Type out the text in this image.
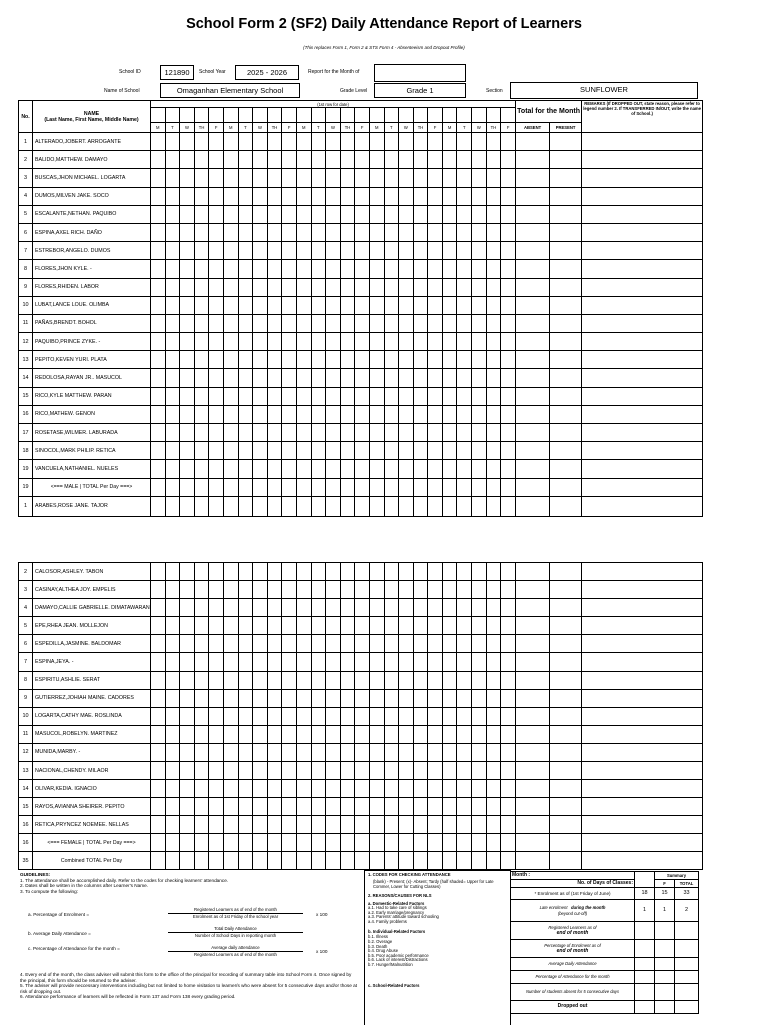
School Form 2 (SF2) Daily Attendance Report of Learners
(This replaces Form 1, Form 2 & STS Form 4 - Absenteeism and Dropout Profile)
School ID	121890	School Year	2025 - 2026	Report for the Month of
Name of School	Omaganhan Elementary School	Grade Level	Grade 1	Section	SUNFLOWER
No.	NAME
(Last Name, First Name, Middle Name)	(1st row for date)																									Total for the Month		REMARKS (If DROPPED OUT, state reason, please refer to legend number 2. If TRANSFERRED IN/OUT, write the name of School.)

		M	T	W	TH	F	M	T	W	TH	F	M	T	W	TH	F	M	T	W	TH	F	M	T	W	TH	F	ABSENT	PRESENT	
1	ALTERADO,JOBERT. ARROGANTE																												
2	BALIDO,MATTHEW. DAMAYO																												
3	BUSCAS,JHON MICHAEL. LOGARTA																												
4	DUMOS,MILVEN JAKE. SOCO																												
5	ESCALANTE,NETHAN. PAQUIBO																												
6	ESPINA,AXEL RICH. DAÑO																												
7	ESTREBOR,ANGELO. DUMOS																												
8	FLORES,JHON KYLE. -																												
9	FLORES,RHIDEN. LABOR																												
10	LUBAT,LANCE LOUE. OLIMBA																												
11	PAÑAS,BRENDT. BOHOL																												
12	PAQUIBO,PRINCE ZYKE. -																												
13	PEPITO,KEVEN YURI. PLATA																												
14	REDOLOSA,RAYAN JR.. MASUCOL																												
15	RICO,KYLE MATTHEW. PARAN																												
16	RICO,MATHEW. GENON																												
17	ROSETASE,WILMER. LABURADA																												
18	SINOCOL,MARK PHILIP. RETICA																												
19	VANCUELA,NATHANIEL. NUELES																												
19	<=== MALE | TOTAL Per Day ===>																												
1	ARABES,ROSE JANE. TAJOR																												
2	CALOSOR,ASHLEY. TABON																												
3	CASINAY,ALTHEA JOY. EMPELIS																												
4	DAMAYO,CALLIE GABRIELLE. DIMATAWARAN																												
5	EPE,RHEA JEAN. MOLLEJON																												
6	ESPEDILLA,JASMINE. BALDOMAR																												
7	ESPINA,JEYA. -																												
8	ESPIRITU,ASHLIE. SERAT																												
9	GUTIERREZ,JOHIAH MAINE. CADORES																												
10	LOGARTA,CATHY MAE. ROSLINDA																												
11	MASUCOL,ROBELYN. MARTINEZ																												
12	MUNIDA,MARBY. -																												
13	NACIONAL,CHENDY. MILAOR																												
14	OLIVAR,KEDIA. IGNACIO																												
15	RAYOS,AVIANNA SHEIRER. PEPITO																												
16	RETICA,PRYNCEZ NOEMEE. NELLAS																												
16	<=== FEMALE | TOTAL Per Day ===>																												
35	Combined TOTAL Per Day																												
GUIDELINES:
1. The attendance shall be accomplished daily. Refer to the codes for checking learners' attendance.
2. Dates shall be written in the columns after Learner's Name.
3. To compute the following:
a. Percentage of Enrolment =
Registered Learners as of end of the month
Enrolment as of 1st Friday of the school year	x 100
b. Average Daily Attendance =
Total Daily Attendance
Number of School Days in reporting month
c. Percentage of Attendance for the month =	Average daily attendance
Registered Learners as of end of the month
x 100
4. Every end of the month, the class adviser will submit this form to the office of the principal for recording of summary table into School Form 4. Once signed by the principal, this form should be returned to the adviser.
5. The adviser will provide neccessary interventions including but not limited to home visitation to learner/s who were absent for 5 consecutive days and/or those at risk of dropping out.
6. Attendance performance of learners will be reflected in Form 137 and Form 138 every grading period.
1. CODES FOR CHECKING ATTENDANCE
(blank) - Present; (x)- Absent; Tardy (half shaded= Upper for Late Commer, Lower for Cutting Classes)
2. REASONS/CAUSES FOR NLS
a. Domestic-Related Factors
a.1. Had to take care of siblings
a.2. Early marriage/pregnancy
a.3. Parents' attitude toward schooling
a.4. Family problems
b. Individual-Related Factors
b.1. Illness
b.2. Overage
b.3. Death
b.4. Drug Abuse
b.5. Poor academic performance
b.6. Lack of interest/Distractions
b.7. Hunger/Malnutrition
c. School-Related Factors
Month :		Summary	
No. of Days of Classes:		F	TOTAL
* Enrolment as of (1st Friday of June)	18	15	33
Late enrolment during the month
(beyond cut-off)	1	1	2
Registered Learners as of
end of month			
Percentage of Enrolment as of
end of month			
Average Daily Attendance			
Percentage of Attendance for the month			
Number of students absent for 5 consecutive days			
Dropped out			
